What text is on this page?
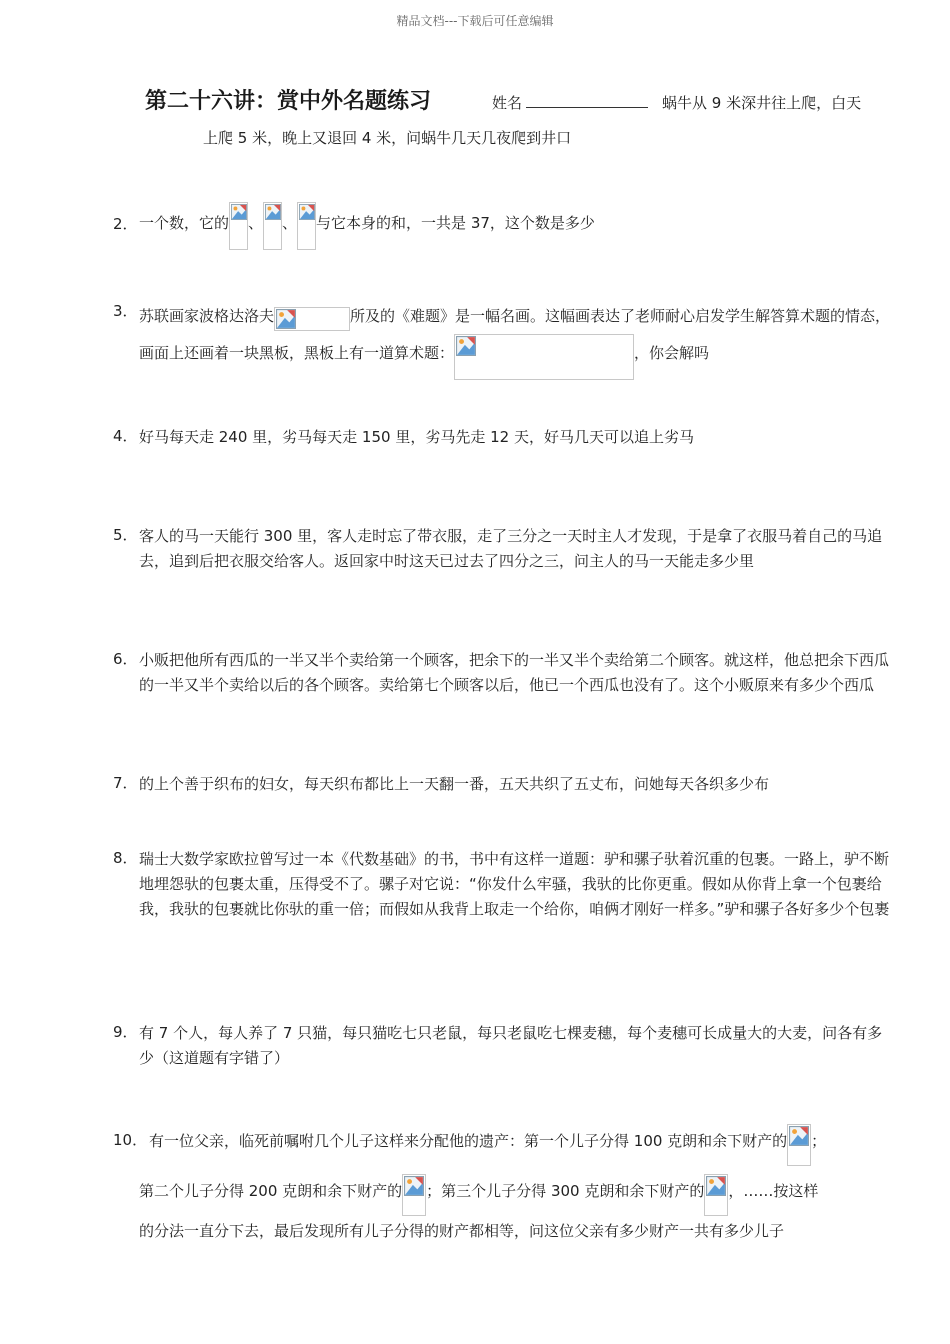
精品文档---下载后可任意编辑
第二十六讲：赏中外名题练习	姓名	蜗牛从 9 米深井往上爬，白天
上爬 5 米，晚上又退回 4 米，问蜗牛几天几夜爬到井口
2． 一个数，它的 、 、 与它本身的和，一共是 37，这个数是多少
3． 苏联画家波格达洛夫	所及的《难题》是一幅名画。这幅画表达了老师耐心启发学生解答算术题的情态，画面上还画着一块黑板，黑板上有一道算术题：	，你会解吗
4． 好马每天走 240 里，劣马每天走 150 里，劣马先走 12 天，好马几天可以追上劣马
5． 客人的马一天能行 300 里，客人走时忘了带衣服，走了三分之一天时主人才发现，于是拿了衣服马着自己的马追去，追到后把衣服交给客人。返回家中时这天已过去了四分之三，问主人的马一天能走多少里
6． 小贩把他所有西瓜的一半又半个卖给第一个顾客，把余下的一半又半个卖给第二个顾客。就这样，他总把余下西瓜的一半又半个卖给以后的各个顾客。卖给第七个顾客以后，他已一个西瓜也没有了。这个小贩原来有多少个西瓜
7． 的上个善于织布的妇女，每天织布都比上一天翻一番，五天共织了五丈布，问她每天各织多少布
8． 瑞士大数学家欧拉曾写过一本《代数基础》的书，书中有这样一道题：驴和骡子驮着沉重的包裹。一路上，驴不断地埋怨驮的包裹太重，压得受不了。骡子对它说：“你发什么牢骚，我驮的比你更重。假如从你背上拿一个包裹给我，我驮的包裹就比你驮的重一倍；而假如从我背上取走一个给你，咱俩才刚好一样多。”驴和骡子各好多少个包裹
9． 有 7 个人，每人养了 7 只猫，每只猫吃七只老鼠，每只老鼠吃七棵麦穗，每个麦穗可长成量大的大麦，问各有多少（这道题有字错了）
10． 有一位父亲，临死前嘱咐几个儿子这样来分配他的遗产：第一个儿子分得 100 克朗和余下财产的 ；
第二个儿子分得 200 克朗和余下财产的 ；第三个儿子分得 300 克朗和余下财产的 ，……按这样
的分法一直分下去，最后发现所有儿子分得的财产都相等，问这位父亲有多少财产一共有多少儿子
